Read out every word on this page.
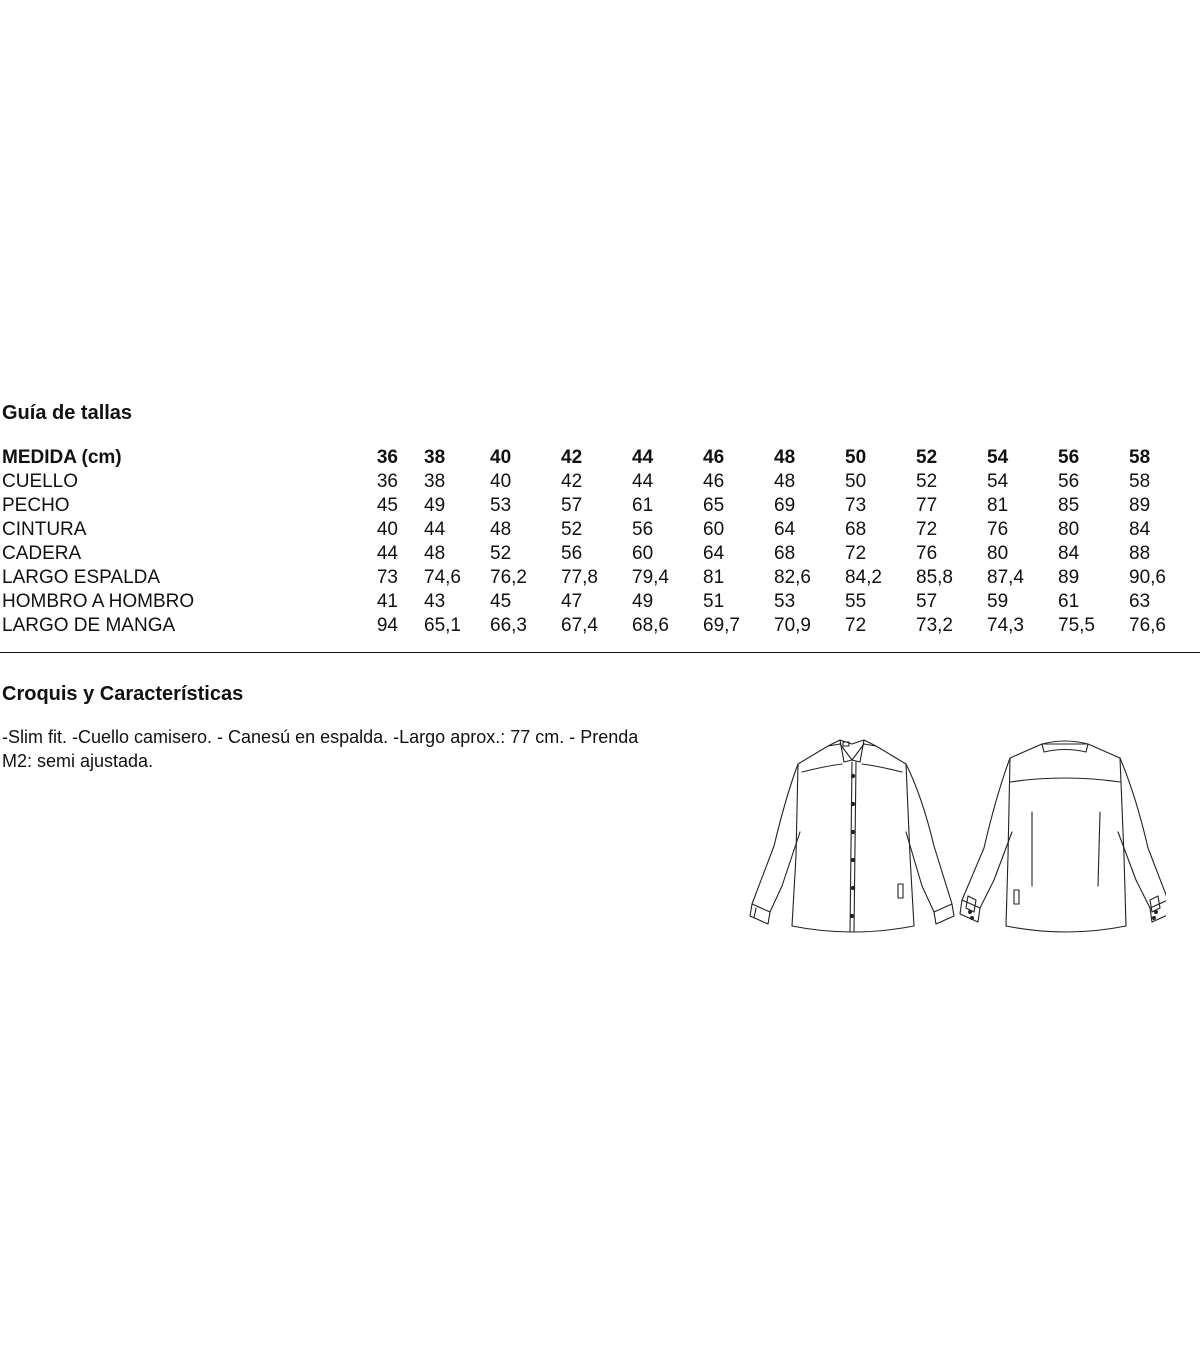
Guía de tallas
MEDIDA (cm)	36	38	40	42	44	46	48	50	52	54	56	58
CUELLO	36	38	40	42	44	46	48	50	52	54	56	58
PECHO	45	49	53	57	61	65	69	73	77	81	85	89
CINTURA	40	44	48	52	56	60	64	68	72	76	80	84
CADERA	44	48	52	56	60	64	68	72	76	80	84	88
LARGO ESPALDA	73	74,6	76,2	77,8	79,4	81	82,6	84,2	85,8	87,4	89	90,6
HOMBRO A HOMBRO	41	43	45	47	49	51	53	55	57	59	61	63
LARGO DE MANGA	94	65,1	66,3	67,4	68,6	69,7	70,9	72	73,2	74,3	75,5	76,6
Croquis y Características

-Slim fit. -Cuello camisero. - Canesú en espalda. -Largo aprox.: 77 cm. - Prenda M2: semi ajustada.
